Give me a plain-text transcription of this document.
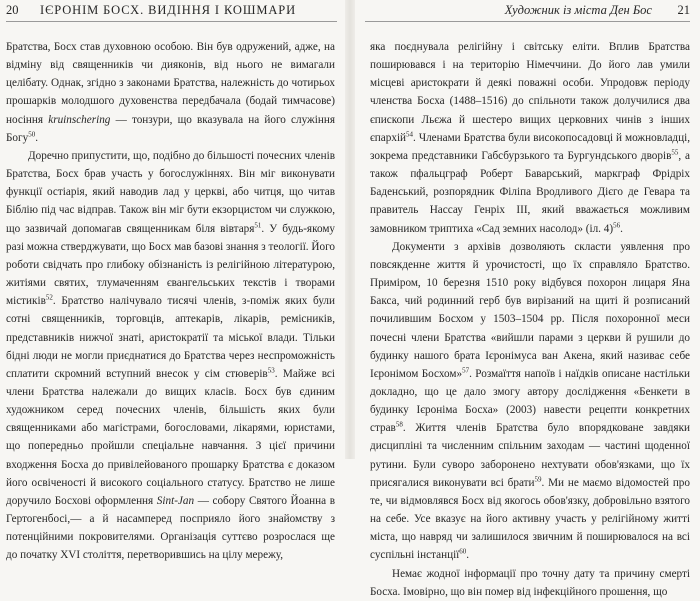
20 ІЄРОНІМ БОСХ. ВИДІННЯ І КОШМАРИ

Братства, Босх став духовною особою. Він був одружений, адже, на відміну від священників чи дияконів, від нього не вимагали целібату. Однак, згідно з законами Братства, належність до чотирьох прошарків молодшого духовенства передбачала (бодай тимчасове) носіння kruinschering — тонзури, що вказувала на його служіння Богу$^{50}$.

Доречно припустити, що, подібно до більшості почесних членів Братства, Босх брав участь у богослужіннях. Він міг виконувати функції остіарія, який наводив лад у церкві, або читця, що читав Біблію під час відправ. Також він міг бути екзорцистом чи служкою, що зазвичай допомагав священникам біля вівтаря$^{51}$. У будь-якому разі можна стверджувати, що Босх мав базові знання з теології. Його роботи свідчать про глибоку обізнаність із релігійною літературою, житіями святих, тлумаченням євангельських текстів і творами містиків$^{52}$. Братство налічувало тисячі членів, з-поміж яких були сотні священників, торговців, аптекарів, лікарів, ремісників, представників нижчої знаті, аристократії та міської влади. Тільки бідні люди не могли приєднатися до Братства через неспроможність сплатити скромний вступний внесок у сім стюверів$^{53}$. Майже всі члени Братства належали до вищих класів. Босх був єдиним художником серед почесних членів, більшість яких були священниками або магістрами, богословами, лікарями, юристами, що попередньо пройшли спеціальне навчання. З цієї причини входження Босха до привілейованого прошарку Братства є доказом його освіченості й високого соціального статусу. Братство не лише доручило Босхові оформлення Sint-Jan — собору Святого Йоанна в Гертогенбосі,— а й насамперед посприяло його знайомству з потенційними покровителями. Організація суттєво розрослася ще до початку XVI століття, перетворившись на цілу мережу,

Художник із міста Ден Бос 21

яка поєднувала релігійну і світську еліти. Вплив Братства поширювався і на територію Німеччини. До його лав умили місцеві аристократи й деякі поважні особи. Упродовж періоду членства Босха (1488–1516) до спільноти також долучилися два єпископи Льєжа й шестеро вищих церковних чинів з інших єпархій$^{54}$. Членами Братства були високопосадовці й можновладці, зокрема представники Габсбурзького та Бургундського дворів$^{55}$, а також пфальцграф Роберт Баварський, маркграф Фрідріх Баденський, розпорядник Філіпа Вродливого Дієго де Гевара та правитель Нассау Генріх III, який вважається можливим замовником триптиха «Сад земних насолод» (іл. 4)$^{56}$.

Документи з архівів дозволяють скласти уявлення про повсякденне життя й урочистості, що їх справляло Братство. Приміром, 10 березня 1510 року відбувся похорон лицаря Яна Бакса, чий родинний герб був вирізаний на щиті й розписаний почилившим Босхом у 1503–1504 рр. Після похоронної меси почесні члени Братства «вийшли парами з церкви й рушили до будинку нашого брата Ієронімуса ван Акена, який називає себе Ієронімом Босхом»$^{57}$. Розмаїття напоїв і наїдків описане настільки докладно, що це дало змогу автору дослідження «Бенкети в будинку Ієроніма Босха» (2003) навести рецепти конкретних страв$^{58}$. Життя членів Братства було впорядковане завдяки дисципліні та численним спільним заходам — частині щоденної рутини. Були суворо заборонено нехтувати обов'язками, що їх присягалися виконувати всі брати$^{59}$. Ми не маємо відомостей про те, чи відмовлявся Босх від якогось обов'язку, добровільно взятого на себе. Усе вказує на його активну участь у релігійному житті міста, що навряд чи залишилося звичним й поширювалося на всі суспільні інстанції$^{60}$.

Немає жодної інформації про точну дату та причину смерті Босха. Імовірно, що він помер від інфекційного прошення, що
